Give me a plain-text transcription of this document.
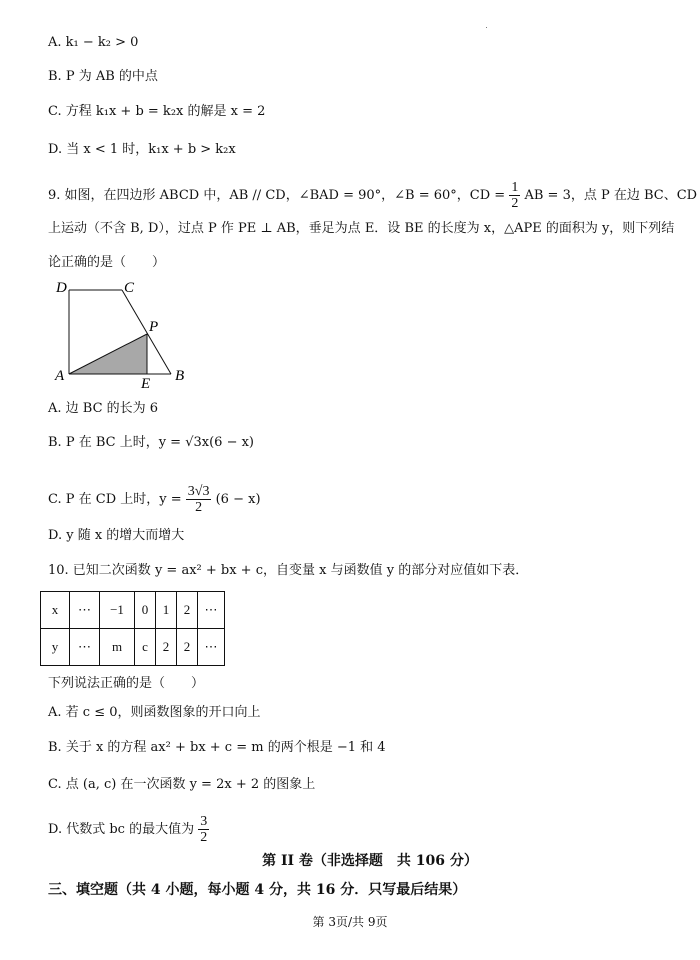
A. k₁ − k₂ > 0
B. P 为 AB 的中点
C. 方程 k₁x + b = k₂x 的解是 x = 2
D. 当 x < 1 时，k₁x + b > k₂x
9. 如图，在四边形 ABCD 中，AB // CD，∠BAD = 90°，∠B = 60°，CD = $\frac{1}{2}$ AB = 3，点 P 在边 BC、CD
上运动（不含 B, D），过点 P 作 PE ⊥ AB，垂足为点 E．设 BE 的长度为 x，△APE 的面积为 y，则下列结
论正确的是（　　）
D	C
P
A	E B
A. 边 BC 的长为 6
B. P 在 BC 上时，y = √3x(6 − x)
C. P 在 CD 上时，$y = \frac{3√3}{2} (6 - x)$
D. y 随 x 的增大而增大
10. 已知二次函数 y = ax² + bx + c，自变量 x 与函数值 y 的部分对应值如下表．
x	⋯	−1	0	1	2	⋯
y	⋯	m	c	2	2	⋯
下列说法正确的是（　　）
A. 若 c ≤ 0，则函数图象的开口向上
B. 关于 x 的方程 ax² + bx + c = m 的两个根是 −1 和 4
C. 点 (a, c) 在一次函数 y = 2x + 2 的图象上
D. 代数式 bc 的最大值为 $\frac{3}{2}$
第 II 卷（非选择题　共 106 分）
三、填空题（共 4 小题，每小题 4 分，共 16 分．只写最后结果）
第 3页/共 9页
